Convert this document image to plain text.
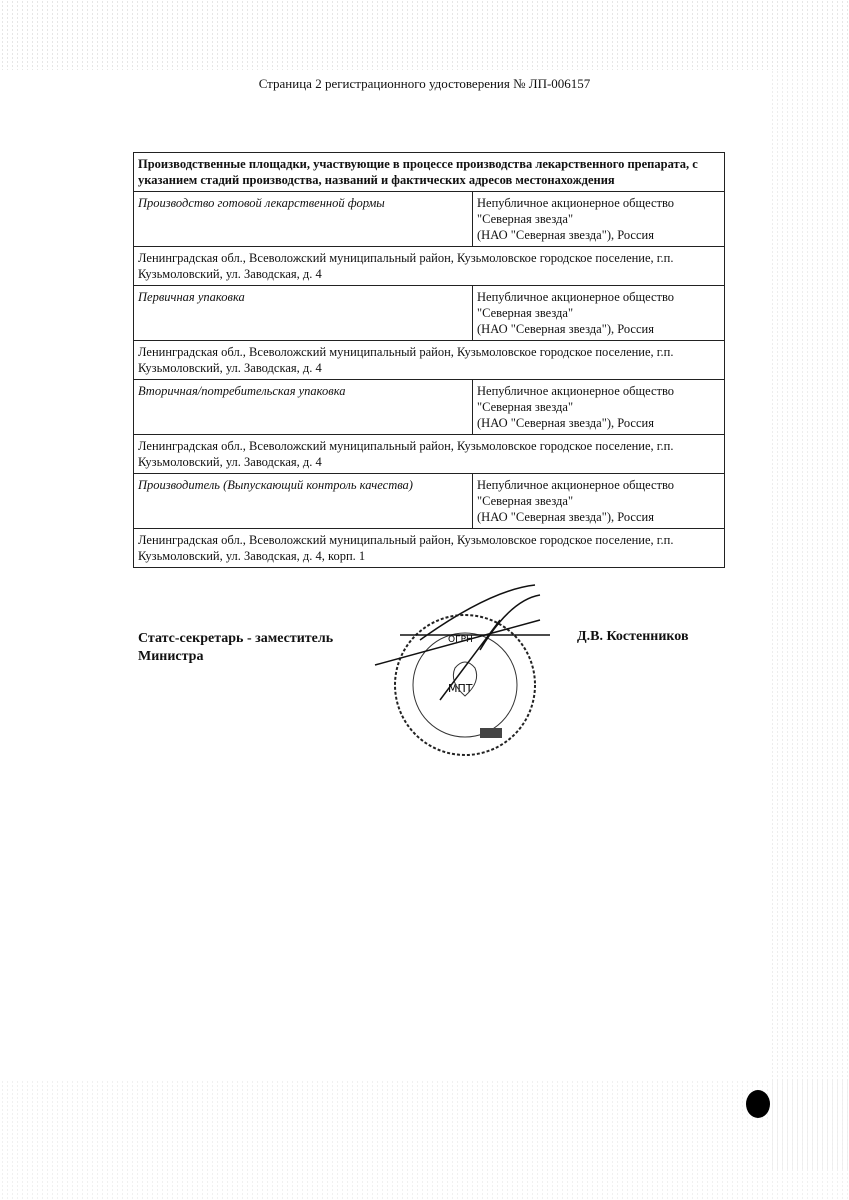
Страница 2 регистрационного удостоверения № ЛП-006157
Производственные площадки, участвующие в процессе производства лекарственного препарата, с указанием стадий производства, названий и фактических адресов местонахождения	
Производство готовой лекарственной формы	Непубличное акционерное общество
"Северная звезда"
(НАО "Северная звезда"), Россия

Ленинградская обл., Всеволожский муниципальный район, Кузьмоловское городское поселение, г.п. Кузьмоловский, ул. Заводская, д. 4	
Первичная упаковка	Непубличное акционерное общество
"Северная звезда"
(НАО "Северная звезда"), Россия

Ленинградская обл., Всеволожский муниципальный район, Кузьмоловское городское поселение, г.п. Кузьмоловский, ул. Заводская, д. 4	
Вторичная/потребительская упаковка	Непубличное акционерное общество
"Северная звезда"
(НАО "Северная звезда"), Россия

Ленинградская обл., Всеволожский муниципальный район, Кузьмоловское городское поселение, г.п. Кузьмоловский, ул. Заводская, д. 4	
Производитель (Выпускающий контроль качества)	Непубличное акционерное общество
"Северная звезда"
(НАО "Северная звезда"), Россия

Ленинградская обл., Всеволожский муниципальный район, Кузьмоловское городское поселение, г.п. Кузьмоловский, ул. Заводская, д. 4, корп. 1	
Статс-секретарь - заместитель
Министра
Д.В. Костенников
ОГРН
МПТ
